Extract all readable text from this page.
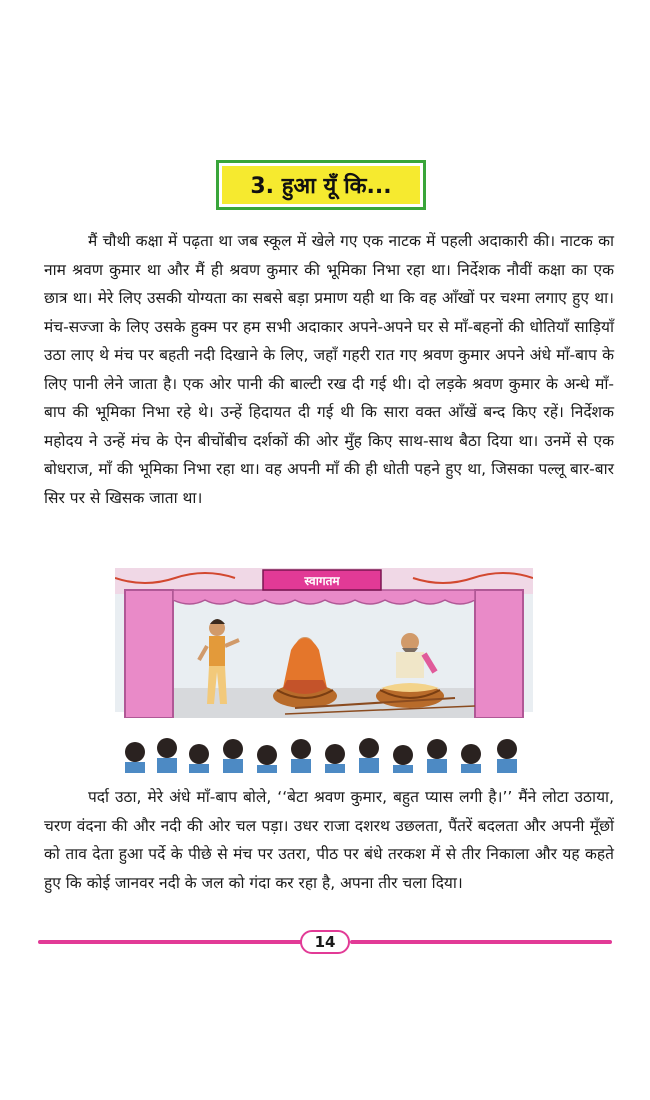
3. हुआ यूँ कि...

मैं चौथी कक्षा में पढ़ता था जब स्कूल में खेले गए एक नाटक में पहली अदाकारी की। नाटक का नाम श्रवण कुमार था और मैं ही श्रवण कुमार की भूमिका निभा रहा था। निर्देशक नौवीं कक्षा का एक छात्र था। मेरे लिए उसकी योग्यता का सबसे बड़ा प्रमाण यही था कि वह आँखों पर चश्मा लगाए हुए था। मंच-सज्जा के लिए उसके हुक्म पर हम सभी अदाकार अपने-अपने घर से माँ-बहनों की धोतियाँ साड़ियाँ उठा लाए थे मंच पर बहती नदी दिखाने के लिए, जहाँ गहरी रात गए श्रवण कुमार अपने अंधे माँ-बाप के लिए पानी लेने जाता है। एक ओर पानी की बाल्टी रख दी गई थी। दो लड़के श्रवण कुमार के अन्धे माँ-बाप की भूमिका निभा रहे थे। उन्हें हिदायत दी गई थी कि सारा वक्त आँखें बन्द किए रहें। निर्देशक महोदय ने उन्हें मंच के ऐन बीचोंबीच दर्शकों की ओर मुँह किए साथ-साथ बैठा दिया था। उनमें से एक बोधराज, माँ की भूमिका निभा रहा था। वह अपनी माँ की ही धोती पहने हुए था, जिसका पल्लू बार-बार सिर पर से खिसक जाता था।

स्वागतम

पर्दा उठा, मेरे अंधे माँ-बाप बोले, ‘‘बेटा श्रवण कुमार, बहुत प्यास लगी है।’’ मैंने लोटा उठाया, चरण वंदना की और नदी की ओर चल पड़ा। उधर राजा दशरथ उछलता, पैंतरें बदलता और अपनी मूँछों को ताव देता हुआ पर्दे के पीछे से मंच पर उतरा, पीठ पर बंधे तरकश में से तीर निकाला और यह कहते हुए कि कोई जानवर नदी के जल को गंदा कर रहा है, अपना तीर चला दिया।

14
